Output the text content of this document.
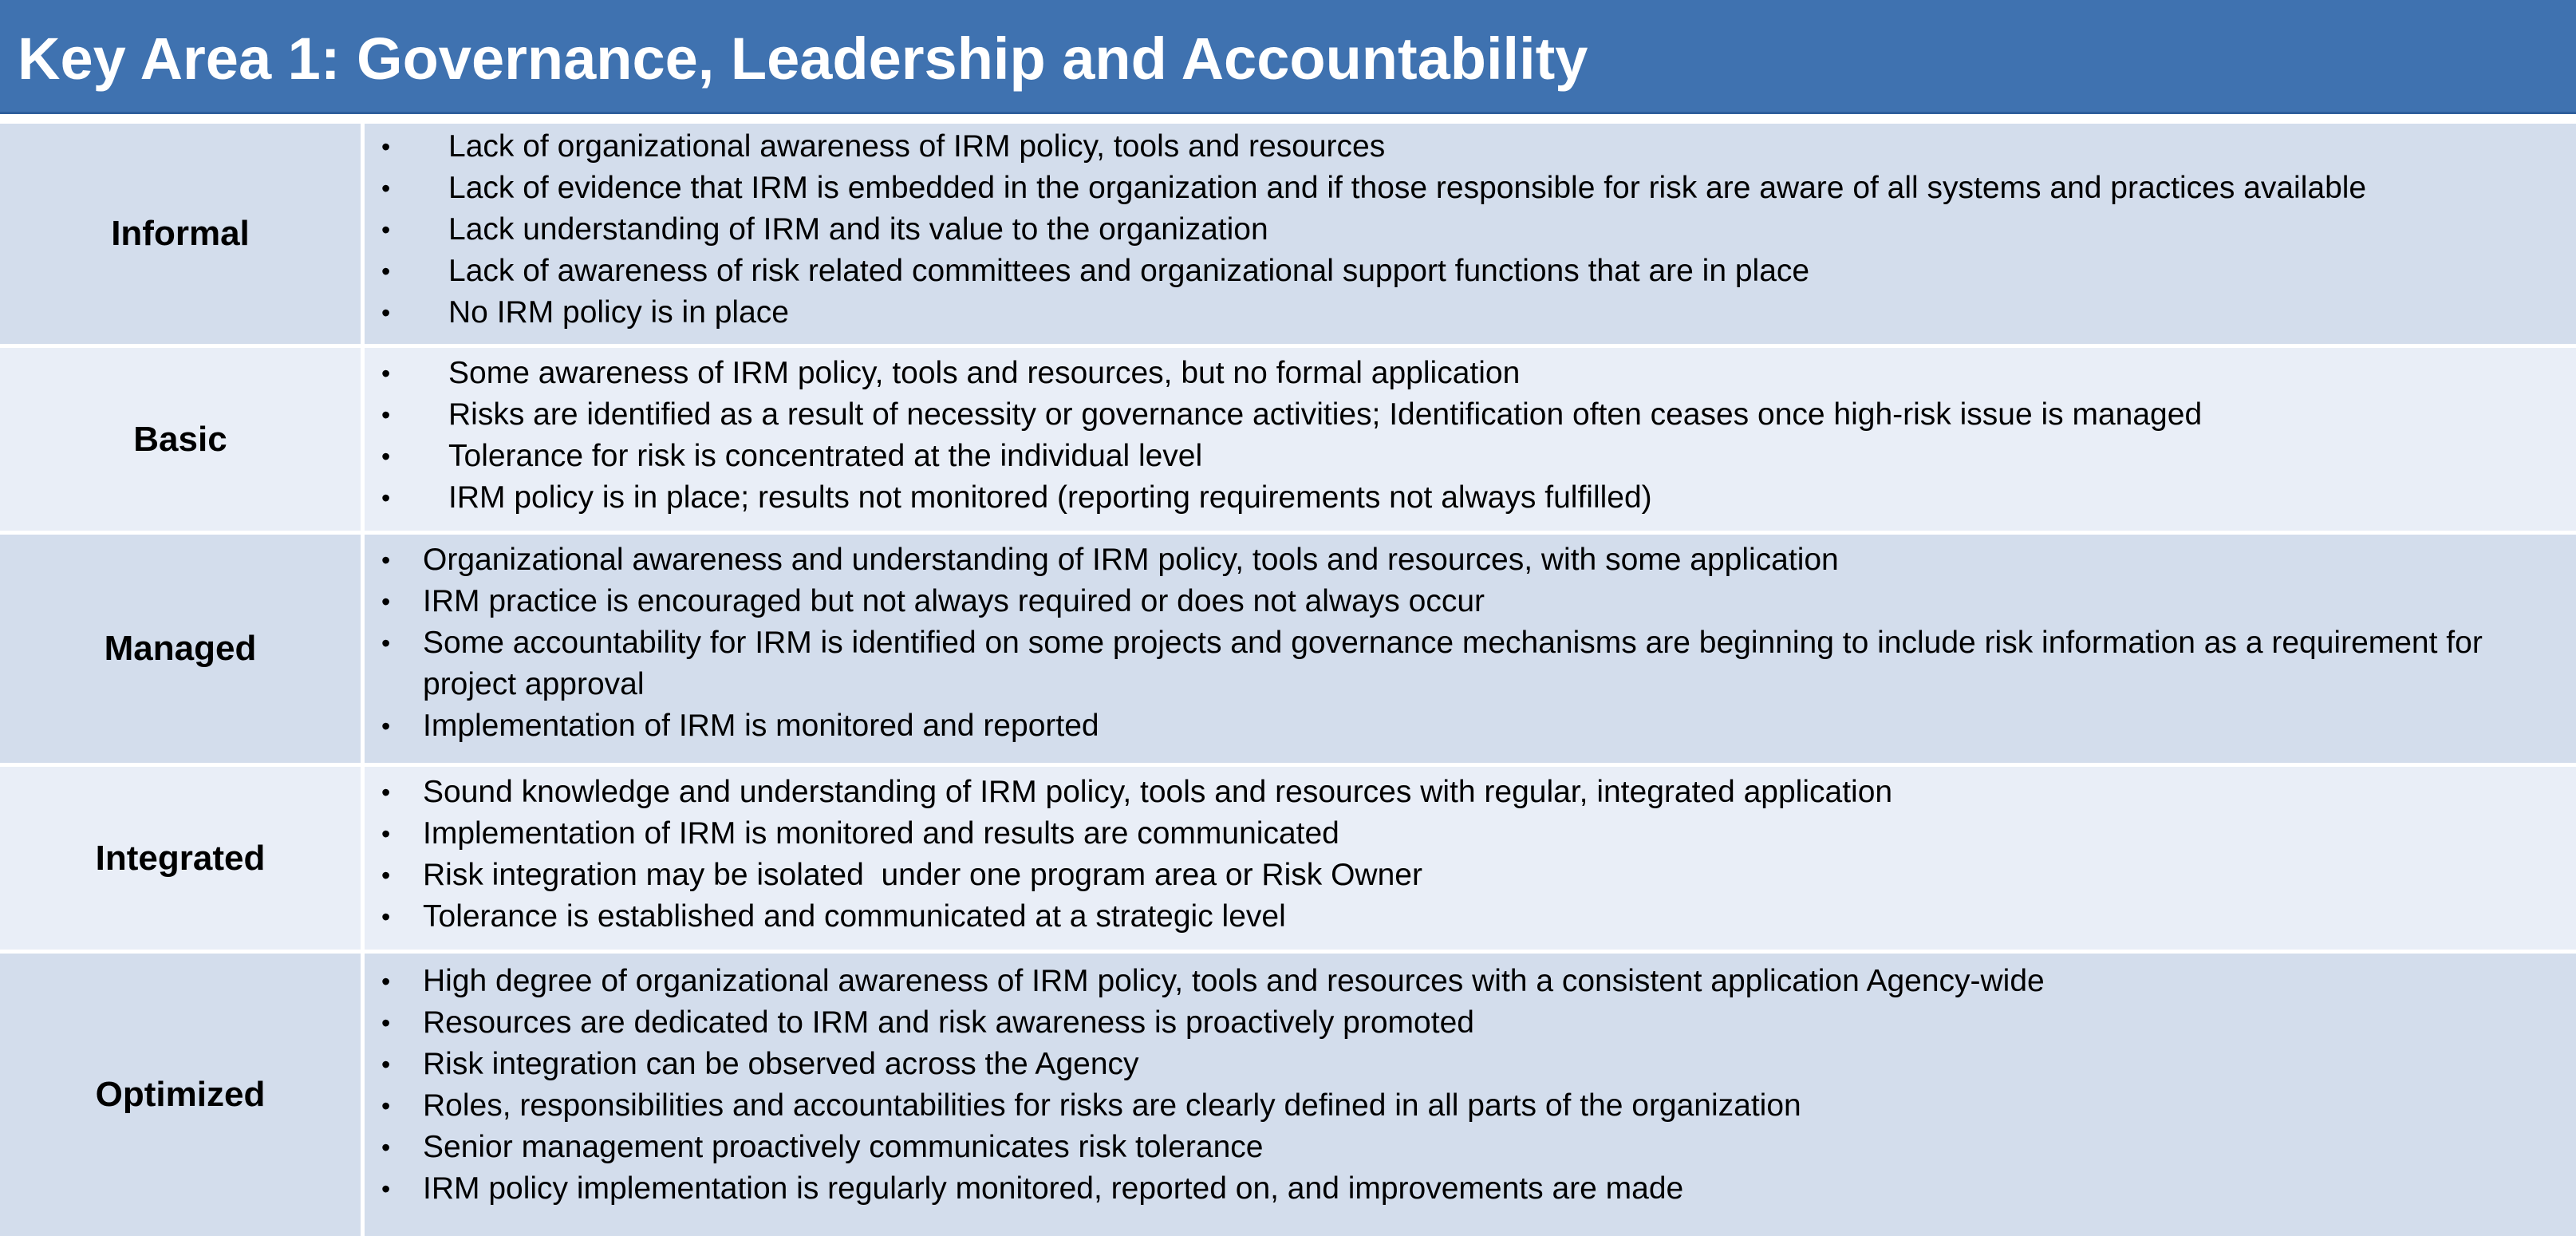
Key Area 1: Governance, Leadership and Accountability
Informal
•	Lack of organizational awareness of IRM policy, tools and resources
•	Lack of evidence that IRM is embedded in the organization and if those responsible for risk are aware of all systems and practices available
•	Lack understanding of IRM and its value to the organization
•	Lack of awareness of risk related committees and organizational support functions that are in place
•	No IRM policy is in place
Basic
•	Some awareness of IRM policy, tools and resources, but no formal application
•	Risks are identified as a result of necessity or governance activities; Identification often ceases once high-risk issue is managed
•	Tolerance for risk is concentrated at the individual level
•	IRM policy is in place; results not monitored (reporting requirements not always fulfilled)
Managed
•	Organizational awareness and understanding of IRM policy, tools and resources, with some application
•	IRM practice is encouraged but not always required or does not always occur
•	Some accountability for IRM is identified on some projects and governance mechanisms are beginning to include risk information as a requirement for project approval
•	Implementation of IRM is monitored and reported
Integrated
•	Sound knowledge and understanding of IRM policy, tools and resources with regular, integrated application
•	Implementation of IRM is monitored and results are communicated
•	Risk integration may be isolated  under one program area or Risk Owner
•	Tolerance is established and communicated at a strategic level
Optimized
•	High degree of organizational awareness of IRM policy, tools and resources with a consistent application Agency-wide
•	Resources are dedicated to IRM and risk awareness is proactively promoted
•	Risk integration can be observed across the Agency
•	Roles, responsibilities and accountabilities for risks are clearly defined in all parts of the organization
•	Senior management proactively communicates risk tolerance
•	IRM policy implementation is regularly monitored, reported on, and improvements are made
